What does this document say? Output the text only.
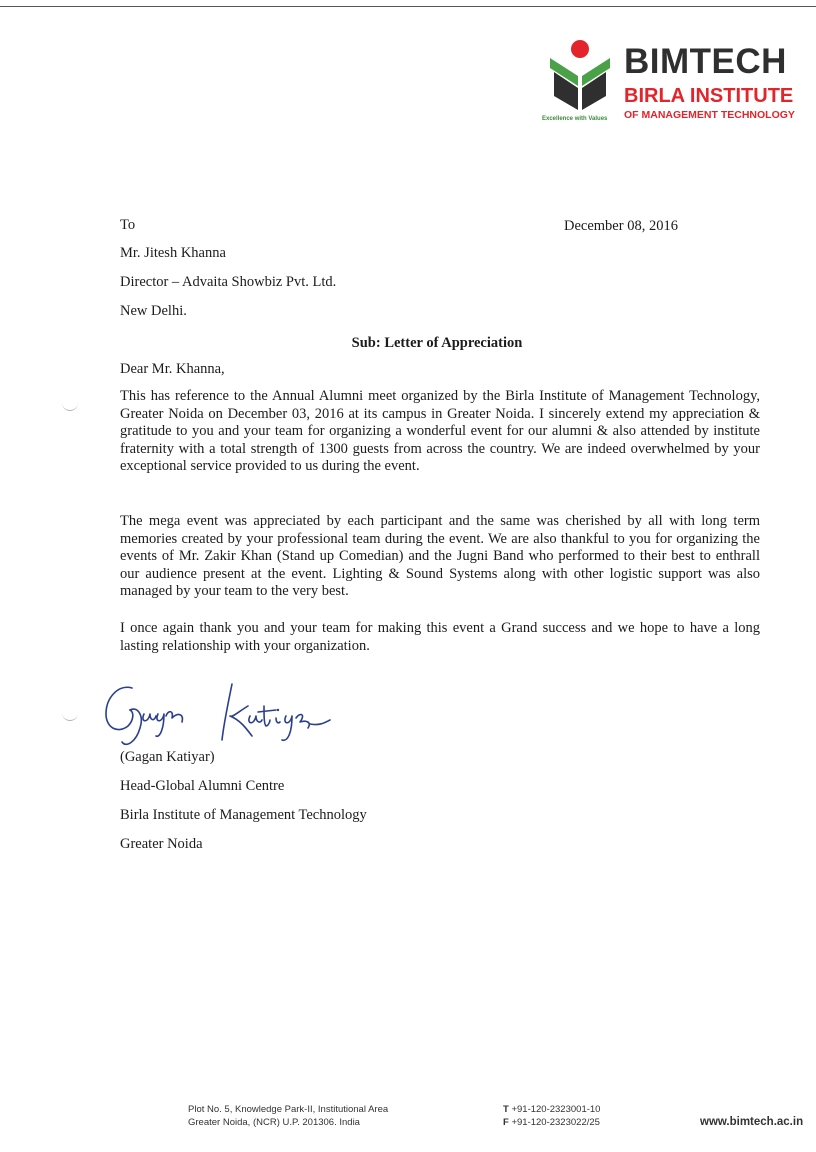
BIMTECH
BIRLA INSTITUTE
OF MANAGEMENT TECHNOLOGY
Excellence with Values
To	December 08, 2016
Mr. Jitesh Khanna
Director – Advaita Showbiz Pvt. Ltd.
New Delhi.
Sub: Letter of Appreciation
Dear Mr. Khanna,
This has reference to the Annual Alumni meet organized by the Birla Institute of Management Technology, Greater Noida on December 03, 2016 at its campus in Greater Noida. I sincerely extend my appreciation & gratitude to you and your team for organizing a wonderful event for our alumni & also attended by institute fraternity with a total strength of 1300 guests from across the country. We are indeed overwhelmed by your exceptional service provided to us during the event.
The mega event was appreciated by each participant and the same was cherished by all with long term memories created by your professional team during the event. We are also thankful to you for organizing the events of Mr. Zakir Khan (Stand up Comedian) and the Jugni Band who performed to their best to enthrall our audience present at the event. Lighting & Sound Systems along with other logistic support was also managed by your team to the very best.
I once again thank you and your team for making this event a Grand success and we hope to have a long lasting relationship with your organization.
(Gagan Katiyar)
Head-Global Alumni Centre
Birla Institute of Management Technology
Greater Noida
Plot No. 5, Knowledge Park-II, Institutional Area
Greater Noida, (NCR) U.P. 201306. India
T +91-120-2323001-10
F +91-120-2323022/25	www.bimtech.ac.in
